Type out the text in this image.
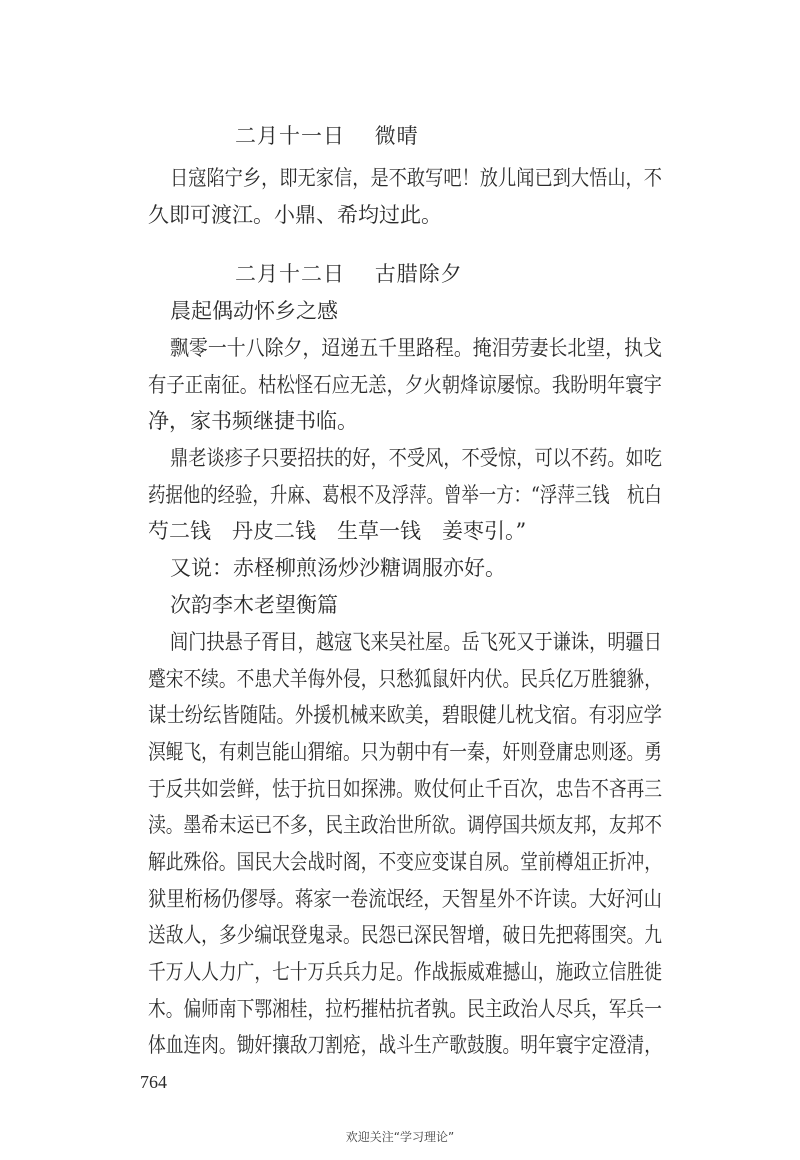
二月十一日 微晴
日寇陷宁乡，即无家信，是不敢写吧！放儿闻已到大悟山，不
久即可渡江。小鼎、希均过此。
二月十二日 古腊除夕
晨起偶动怀乡之感
飘零一十八除夕，迢递五千里路程。掩泪劳妻长北望，执戈
有子正南征。枯松怪石应无恙，夕火朝烽谅屡惊。我盼明年寰宇
净，家书频继捷书临。
鼎老谈疹子只要招扶的好，不受风，不受惊，可以不药。如吃
药据他的经验，升麻、葛根不及浮萍。曾举一方：“浮萍三钱　杭白
芍二钱　丹皮二钱　生草一钱　姜枣引。”
又说：赤柽柳煎汤炒沙糖调服亦好。
次韵李木老望衡篇
闾门抉悬子胥目，越寇飞来吴社屋。岳飞死又于谦诛，明疆日
蹙宋不续。不患犬羊侮外侵，只愁狐鼠奸内伏。民兵亿万胜貔貅，
谋士纷纭皆随陆。外援机械来欧美，碧眼健儿枕戈宿。有羽应学
溟鲲飞，有刺岂能山猬缩。只为朝中有一秦，奸则登庸忠则逐。勇
于反共如尝鲜，怯于抗日如探沸。败仗何止千百次，忠告不吝再三
渎。墨希末运已不多，民主政治世所欲。调停国共烦友邦，友邦不
解此殊俗。国民大会战时阁，不变应变谋自夙。堂前樽俎正折冲，
狱里桁杨仍僇辱。蒋家一卷流氓经，天智星外不许读。大好河山
送敌人，多少编氓登鬼录。民怨已深民智增，破日先把蒋围突。九
千万人人力广，七十万兵兵力足。作战振威难撼山，施政立信胜徙
木。偏师南下鄂湘桂，拉朽摧枯抗者孰。民主政治人尽兵，军兵一
体血连肉。锄奸攘敌刀割疮，战斗生产歌鼓腹。明年寰宇定澄清，
764
欢迎关注“学习理论”
